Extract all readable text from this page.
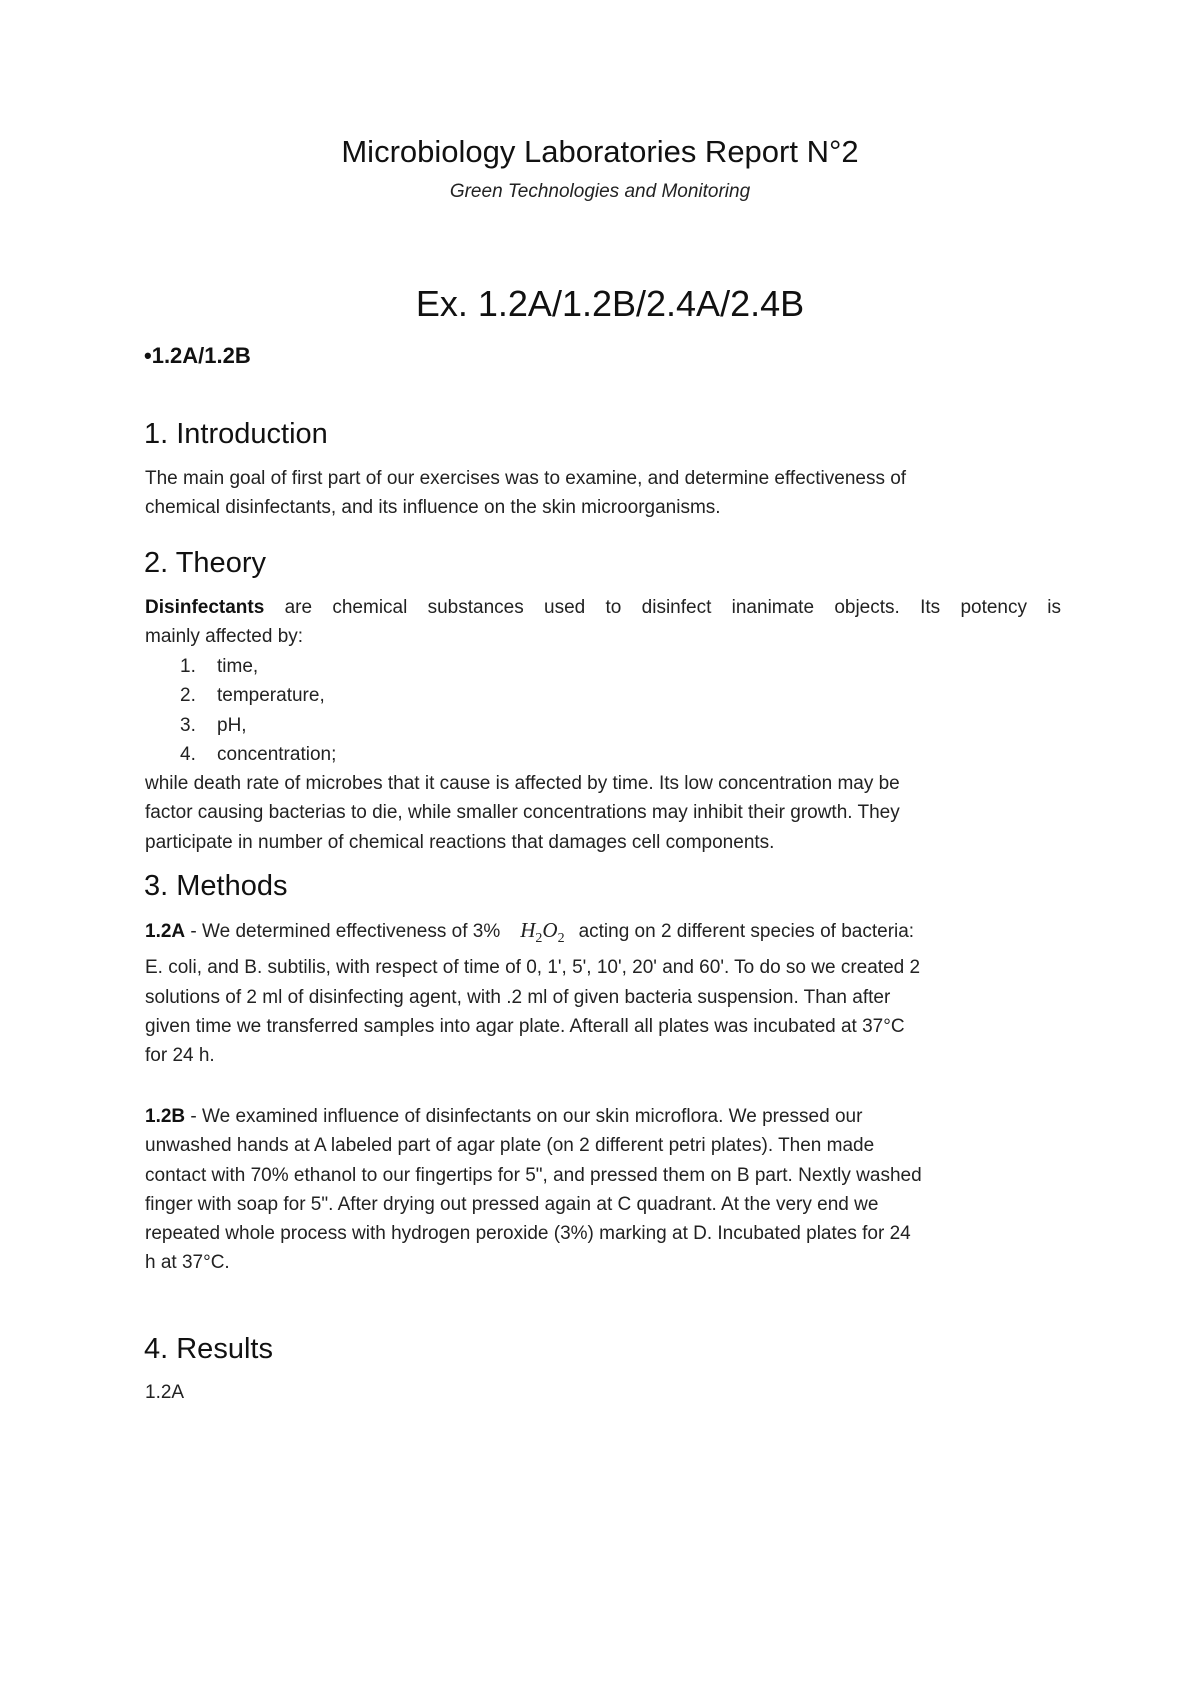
Microbiology Laboratories Report N°2
Green Technologies and Monitoring
Ex. 1.2A/1.2B/2.4A/2.4B
•1.2A/1.2B
1. Introduction
The main goal of first part of our exercises was to examine, and determine effectiveness of
chemical disinfectants, and its influence on the skin microorganisms.
2. Theory
Disinfectants are chemical substances used to disinfect inanimate objects. Its potency is
mainly affected by:
1.	time,
2.	temperature,
3.	pH,
4.	concentration;
while death rate of microbes that it cause is affected by time. Its low concentration may be
factor causing bacterias to die, while smaller concentrations may inhibit their growth. They
participate in number of chemical reactions that damages cell components.
3. Methods
1.2A - We determined effectiveness of 3% $H_2O_2$ acting on 2 different species of bacteria:
E. coli, and B. subtilis, with respect of time of 0, 1', 5', 10', 20' and 60'. To do so we created 2
solutions of 2 ml of disinfecting agent, with .2 ml of given bacteria suspension. Than after
given time we transferred samples into agar plate. Afterall all plates was incubated at 37°C
for 24 h.
1.2B - We examined influence of disinfectants on our skin microflora. We pressed our
unwashed hands at A labeled part of agar plate (on 2 different petri plates). Then made
contact with 70% ethanol to our fingertips for 5", and pressed them on B part. Nextly washed
finger with soap for 5". After drying out pressed again at C quadrant. At the very end we
repeated whole process with hydrogen peroxide (3%) marking at D. Incubated plates for 24
h at 37°C.
4. Results
1.2A
